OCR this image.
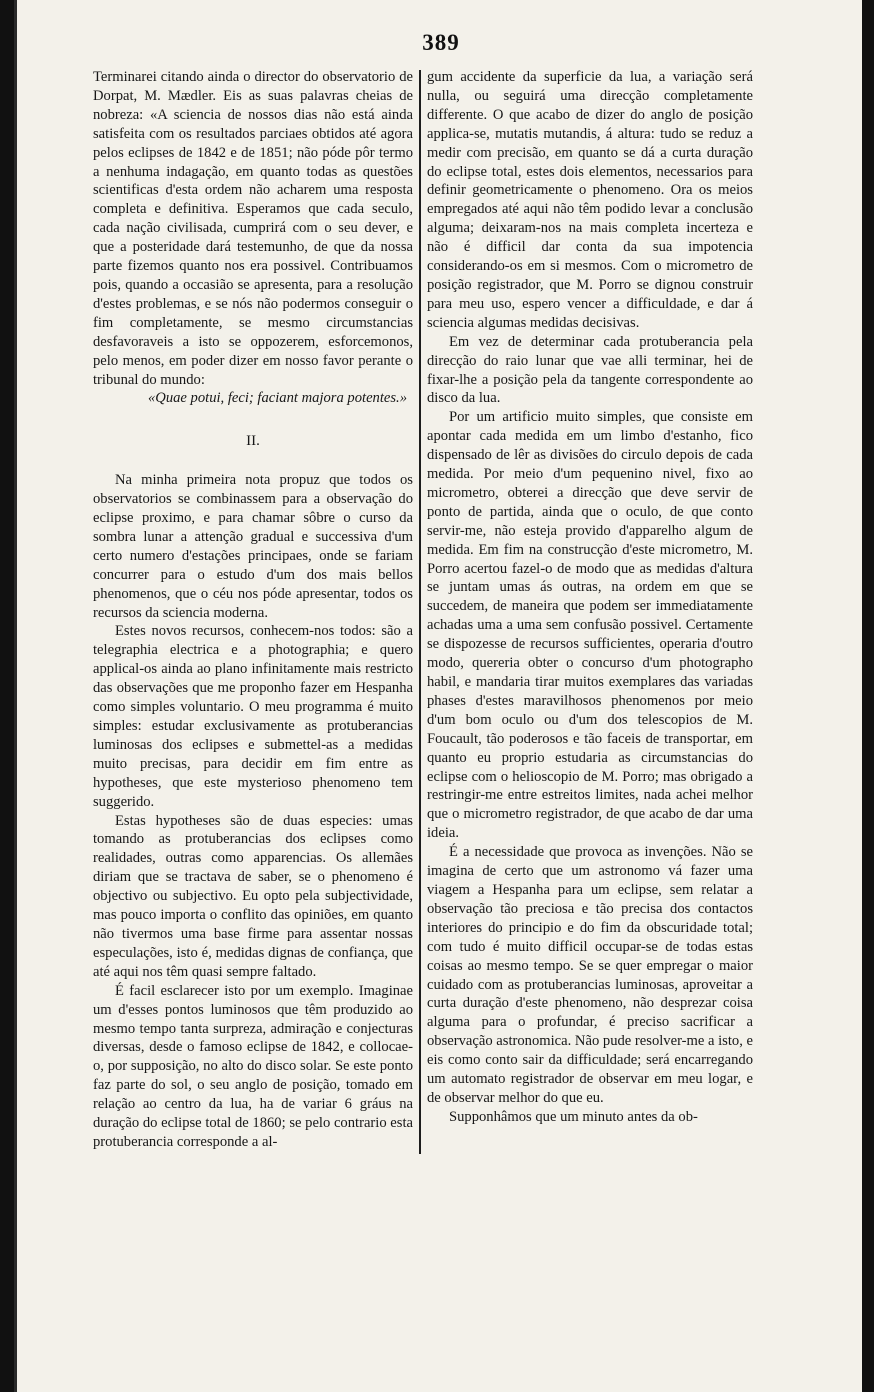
389

Terminarei citando ainda o director do observatorio de Dorpat, M. Mædler. Eis as suas palavras cheias de nobreza: «A sciencia de nossos dias não está ainda satisfeita com os resultados parciaes obtidos até agora pelos eclipses de 1842 e de 1851; não póde pôr termo a nenhuma indagação, em quanto todas as questões scientificas d'esta ordem não acharem uma resposta completa e definitiva. Esperamos que cada seculo, cada nação civilisada, cumprirá com o seu dever, e que a posteridade dará testemunho, de que da nossa parte fizemos quanto nos era possivel. Contribuamos pois, quando a occasião se apresenta, para a resolução d'estes problemas, e se nós não podermos conseguir o fim completamente, se mesmo circumstancias desfavoraveis a isto se oppozerem, esforcemonos, pelo menos, em poder dizer em nosso favor perante o tribunal do mundo:

«Quae potui, feci; faciant majora potentes.»

II.

Na minha primeira nota propuz que todos os observatorios se combinassem para a observação do eclipse proximo, e para chamar sôbre o curso da sombra lunar a attenção gradual e successiva d'um certo numero d'estações principaes, onde se fariam concurrer para o estudo d'um dos mais bellos phenomenos, que o céu nos póde apresentar, todos os recursos da sciencia moderna.

Estes novos recursos, conhecem-nos todos: são a telegraphia electrica e a photographia; e quero applical-os ainda ao plano infinitamente mais restricto das observações que me proponho fazer em Hespanha como simples voluntario. O meu programma é muito simples: estudar exclusivamente as protuberancias luminosas dos eclipses e submettel-as a medidas muito precisas, para decidir em fim entre as hypotheses, que este mysterioso phenomeno tem suggerido.

Estas hypotheses são de duas especies: umas tomando as protuberancias dos eclipses como realidades, outras como apparencias. Os allemães diriam que se tractava de saber, se o phenomeno é objectivo ou subjectivo. Eu opto pela subjectividade, mas pouco importa o conflito das opiniões, em quanto não tivermos uma base firme para assentar nossas especulações, isto é, medidas dignas de confiança, que até aqui nos têm quasi sempre faltado.

É facil esclarecer isto por um exemplo. Imaginae um d'esses pontos luminosos que têm produzido ao mesmo tempo tanta surpreza, admiração e conjecturas diversas, desde o famoso eclipse de 1842, e collocae-o, por supposição, no alto do disco solar. Se este ponto faz parte do sol, o seu anglo de posição, tomado em relação ao centro da lua, ha de variar 6 gráus na duração do eclipse total de 1860; se pelo contrario esta protuberancia corresponde a al-

gum accidente da superficie da lua, a variação será nulla, ou seguirá uma direcção completamente differente. O que acabo de dizer do anglo de posição applica-se, mutatis mutandis, á altura: tudo se reduz a medir com precisão, em quanto se dá a curta duração do eclipse total, estes dois elementos, necessarios para definir geometricamente o phenomeno. Ora os meios empregados até aqui não têm podido levar a conclusão alguma; deixaram-nos na mais completa incerteza e não é difficil dar conta da sua impotencia considerando-os em si mesmos. Com o micrometro de posição registrador, que M. Porro se dignou construir para meu uso, espero vencer a difficuldade, e dar á sciencia algumas medidas decisivas.

Em vez de determinar cada protuberancia pela direcção do raio lunar que vae alli terminar, hei de fixar-lhe a posição pela da tangente correspondente ao disco da lua.

Por um artificio muito simples, que consiste em apontar cada medida em um limbo d'estanho, fico dispensado de lêr as divisões do circulo depois de cada medida. Por meio d'um pequenino nivel, fixo ao micrometro, obterei a direcção que deve servir de ponto de partida, ainda que o oculo, de que conto servir-me, não esteja provido d'apparelho algum de medida. Em fim na construcção d'este micrometro, M. Porro acertou fazel-o de modo que as medidas d'altura se juntam umas ás outras, na ordem em que se succedem, de maneira que podem ser immediatamente achadas uma a uma sem confusão possivel. Certamente se dispozesse de recursos sufficientes, operaria d'outro modo, quereria obter o concurso d'um photographo habil, e mandaria tirar muitos exemplares das variadas phases d'estes maravilhosos phenomenos por meio d'um bom oculo ou d'um dos telescopios de M. Foucault, tão poderosos e tão faceis de transportar, em quanto eu proprio estudaria as circumstancias do eclipse com o helioscopio de M. Porro; mas obrigado a restringir-me entre estreitos limites, nada achei melhor que o micrometro registrador, de que acabo de dar uma ideia.

É a necessidade que provoca as invenções. Não se imagina de certo que um astronomo vá fazer uma viagem a Hespanha para um eclipse, sem relatar a observação tão preciosa e tão precisa dos contactos interiores do principio e do fim da obscuridade total; com tudo é muito difficil occupar-se de todas estas coisas ao mesmo tempo. Se se quer empregar o maior cuidado com as protuberancias luminosas, aproveitar a curta duração d'este phenomeno, não desprezar coisa alguma para o profundar, é preciso sacrificar a observação astronomica. Não pude resolver-me a isto, e eis como conto sair da difficuldade; será encarregando um automato registrador de observar em meu logar, e de observar melhor do que eu.

Supponhâmos que um minuto antes da ob-
